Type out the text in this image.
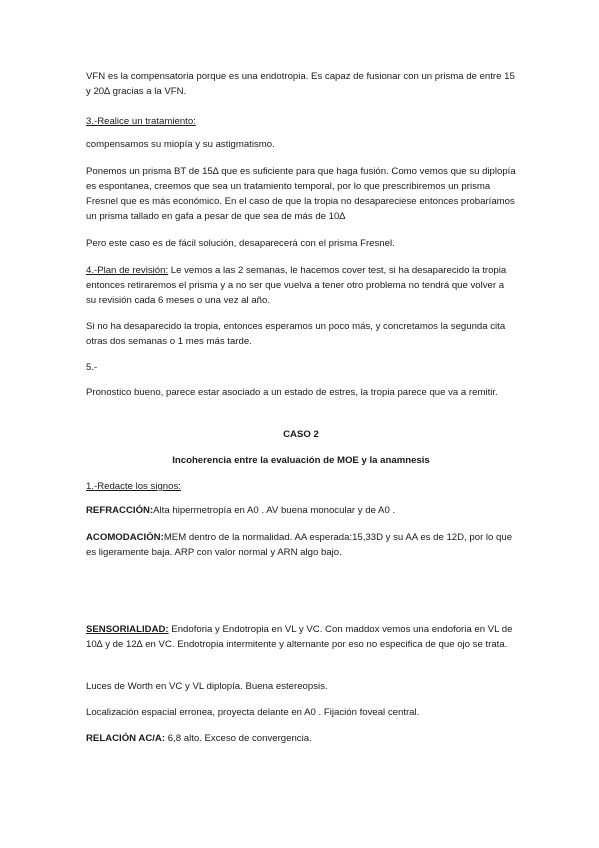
VFN es la compensatoria porque es una endotropia. Es capaz de fusionar con un prisma de entre 15 y 20∆ gracias a la VFN.

3.-Realice un tratamiento:

compensamos su miopía y su astigmatismo.

Ponemos un prisma BT de 15∆ que es suficiente para que haga fusión. Como vemos que su diplopía es espontanea, creemos que sea un tratamiento temporal, por lo que prescribiremos un prisma Fresnel que es más económico. En el caso de que la tropia no desapareciese entonces probaríamos un prisma tallado en gafa a pesar de que sea de más de 10∆

Pero este caso es de fácil solución, desaparecerá con el prisma Fresnel.

4.-Plan de revisión: Le vemos a las 2 semanas, le hacemos cover test, si ha desaparecido la tropia entonces retiraremos el prisma y a no ser que vuelva a tener otro problema no tendrá que volver a su revisión cada 6 meses o una vez al año.

Si no ha desaparecido la tropia, entonces esperamos un poco más, y concretamos la segunda cita otras dos semanas o 1 mes más tarde.

5.-

Pronostico bueno, parece estar asociado a un estado de estres, la tropia parece que va a remitir.

CASO 2

Incoherencia entre la evaluación de MOE y la anamnesis

1.-Redacte los signos:

REFRACCIÓN:Alta hipermetropía en A0 . AV buena monocular y de A0 .

ACOMODACIÓN:MEM dentro de la normalidad. AA esperada:15,33D y su AA es de 12D, por lo que es ligeramente baja. ARP con valor normal y ARN algo bajo.

SENSORIALIDAD: Endoforia y Endotropia en VL y VC. Con maddox vemos una endoforia en VL de 10∆ y de 12∆ en VC. Endotropia intermitente y alternante por eso no especifica de que ojo se trata.

Luces de Worth en VC y VL diplopía. Buena estereopsis.

Localización espacial erronea, proyecta delante en A0 . Fijación foveal central.

RELACIÓN AC/A: 6,8 alto. Exceso de convergencia.
